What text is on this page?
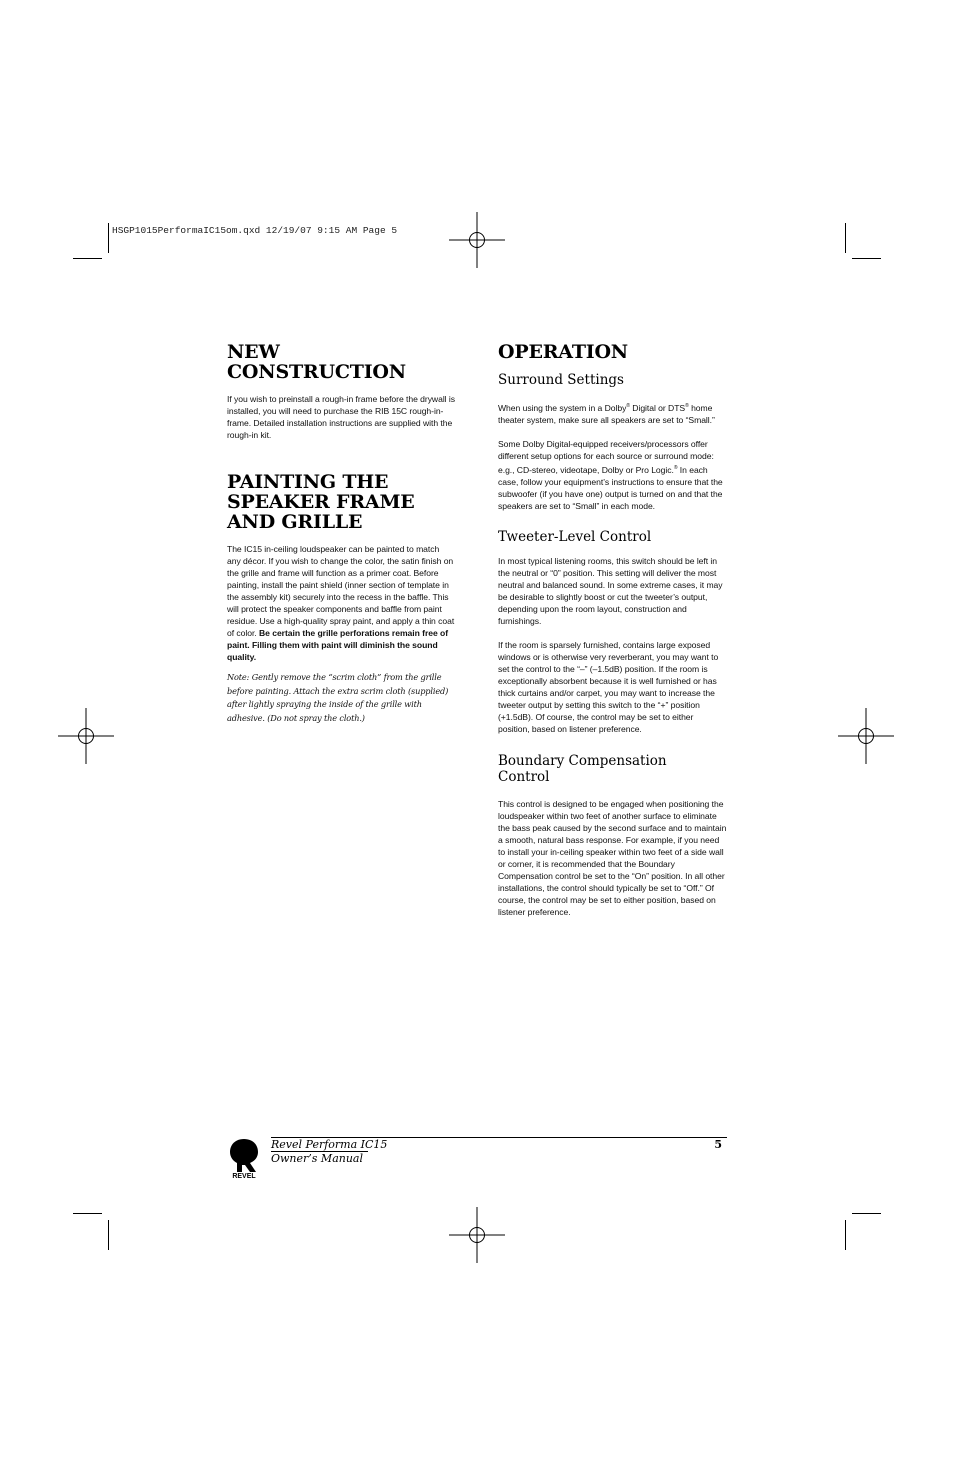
HSGP1015PerformaIC15om.qxd 12/19/07 9:15 AM Page 5
NEW CONSTRUCTION

If you wish to preinstall a rough-in frame before the drywall is installed, you will need to purchase the RIB 15C rough-in-frame. Detailed installation instructions are supplied with the rough-in kit.

PAINTING THE
SPEAKER FRAME
AND GRILLE

The IC15 in-ceiling loudspeaker can be painted to match any décor. If you wish to change the color, the satin finish on the grille and frame will function as a primer coat. Before painting, install the paint shield (inner section of template in the assembly kit) securely into the recess in the baffle. This will protect the speaker components and baffle from paint residue. Use a high-quality spray paint, and apply a thin coat of color. Be certain the grille perforations remain free of paint. Filling them with paint will diminish the sound quality.

Note: Gently remove the “scrim cloth” from the grille before painting. Attach the extra scrim cloth (supplied) after lightly spraying the inside of the grille with adhesive. (Do not spray the cloth.)

OPERATION
Surround Settings

When using the system in a Dolby® Digital or DTS® home theater system, make sure all speakers are set to “Small.”

Some Dolby Digital-equipped receivers/processors offer different setup options for each source or surround mode: e.g., CD-stereo, videotape, Dolby or Pro Logic.® In each case, follow your equipment’s instructions to ensure that the subwoofer (if you have one) output is turned on and that the speakers are set to “Small” in each mode.

Tweeter-Level Control

In most typical listening rooms, this switch should be left in the neutral or “0” position. This setting will deliver the most neutral and balanced sound. In some extreme cases, it may be desirable to slightly boost or cut the tweeter’s output, depending upon the room layout, construction and furnishings.

If the room is sparsely furnished, contains large exposed windows or is otherwise very reverberant, you may want to set the control to the “–” (–1.5dB) position. If the room is exceptionally absorbent because it is well furnished or has thick curtains and/or carpet, you may want to increase the tweeter output by setting this switch to the “+” position (+1.5dB). Of course, the control may be set to either position, based on listener preference.

Boundary Compensation
Control

This control is designed to be engaged when positioning the loudspeaker within two feet of another surface to eliminate the bass peak caused by the second surface and to maintain a smooth, natural bass response. For example, if you need to install your in-ceiling speaker within two feet of a side wall or corner, it is recommended that the Boundary Compensation control be set to the “On” position. In all other installations, the control should typically be set to “Off.” Of course, the control may be set to either position, based on listener preference.

REVEL
Revel Performa IC15
Owner’s Manual
5
